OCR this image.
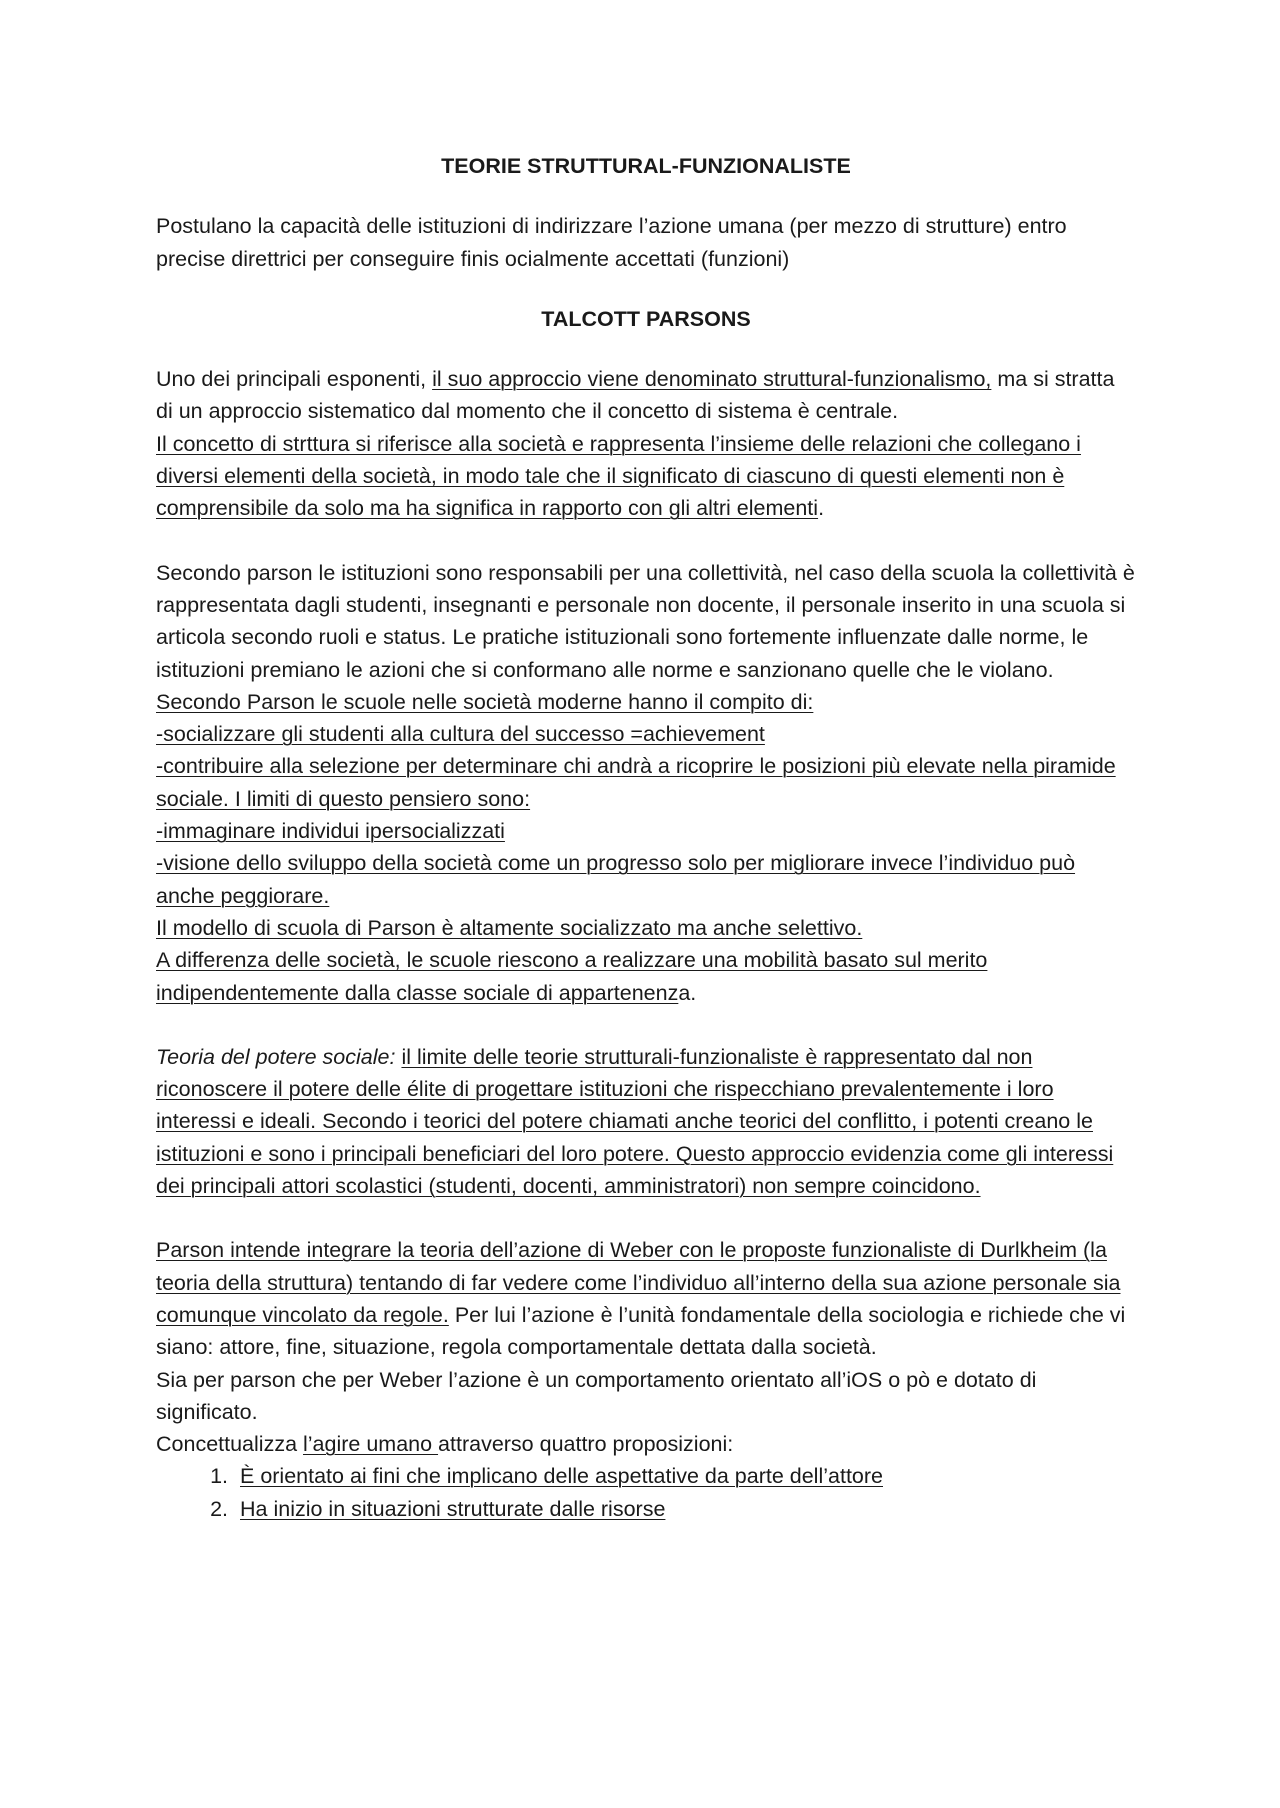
TEORIE STRUTTURAL-FUNZIONALISTE

Postulano la capacità delle istituzioni di indirizzare l’azione umana (per mezzo di strutture) entro precise direttrici per conseguire finis ocialmente accettati (funzioni)

TALCOTT PARSONS

Uno dei principali esponenti, il suo approccio viene denominato struttural-funzionalismo, ma si stratta di un approccio sistematico dal momento che il concetto di sistema è centrale.

Il concetto di strttura si riferisce alla società e rappresenta l’insieme delle relazioni che collegano i diversi elementi della società, in modo tale che il significato di ciascuno di questi elementi non è comprensibile da solo ma ha significa in rapporto con gli altri elementi.

Secondo parson le istituzioni sono responsabili per una collettività, nel caso della scuola la collettività è rappresentata dagli studenti, insegnanti e personale non docente, il personale inserito in una scuola si articola secondo ruoli e status. Le pratiche istituzionali sono fortemente influenzate dalle norme, le istituzioni premiano le azioni che si conformano alle norme e sanzionano quelle che le violano.

Secondo Parson le scuole nelle società moderne hanno il compito di:
-socializzare gli studenti alla cultura del successo =achievement
-contribuire alla selezione per determinare chi andrà a ricoprire le posizioni più elevate nella piramide sociale. I limiti di questo pensiero sono:
-immaginare individui ipersocializzati
-visione dello sviluppo della società come un progresso solo per migliorare invece l’individuo può anche peggiorare.
Il modello di scuola di Parson è altamente socializzato ma anche selettivo.
A differenza delle società, le scuole riescono a realizzare una mobilità basato sul merito indipendentemente dalla classe sociale di appartenenza.

Teoria del potere sociale: il limite delle teorie strutturali-funzionaliste è rappresentato dal non riconoscere il potere delle élite di progettare istituzioni che rispecchiano prevalentemente i loro interessi e ideali. Secondo i teorici del potere chiamati anche teorici del conflitto, i potenti creano le istituzioni e sono i principali beneficiari del loro potere. Questo approccio evidenzia come gli interessi dei principali attori scolastici (studenti, docenti, amministratori) non sempre coincidono.

Parson intende integrare la teoria dell’azione di Weber con le proposte funzionaliste di Durlkheim (la teoria della struttura) tentando di far vedere come l’individuo all’interno della sua azione personale sia comunque vincolato da regole. Per lui l’azione è l’unità fondamentale della sociologia e richiede che vi siano: attore, fine, situazione, regola comportamentale dettata dalla società.

Sia per parson che per Weber l’azione è un comportamento orientato all’iOS o pò e dotato di significato.

Concettualizza l’agire umano attraverso quattro proposizioni:

1. È orientato ai fini che implicano delle aspettative da parte dell’attore
2. Ha inizio in situazioni strutturate dalle risorse
